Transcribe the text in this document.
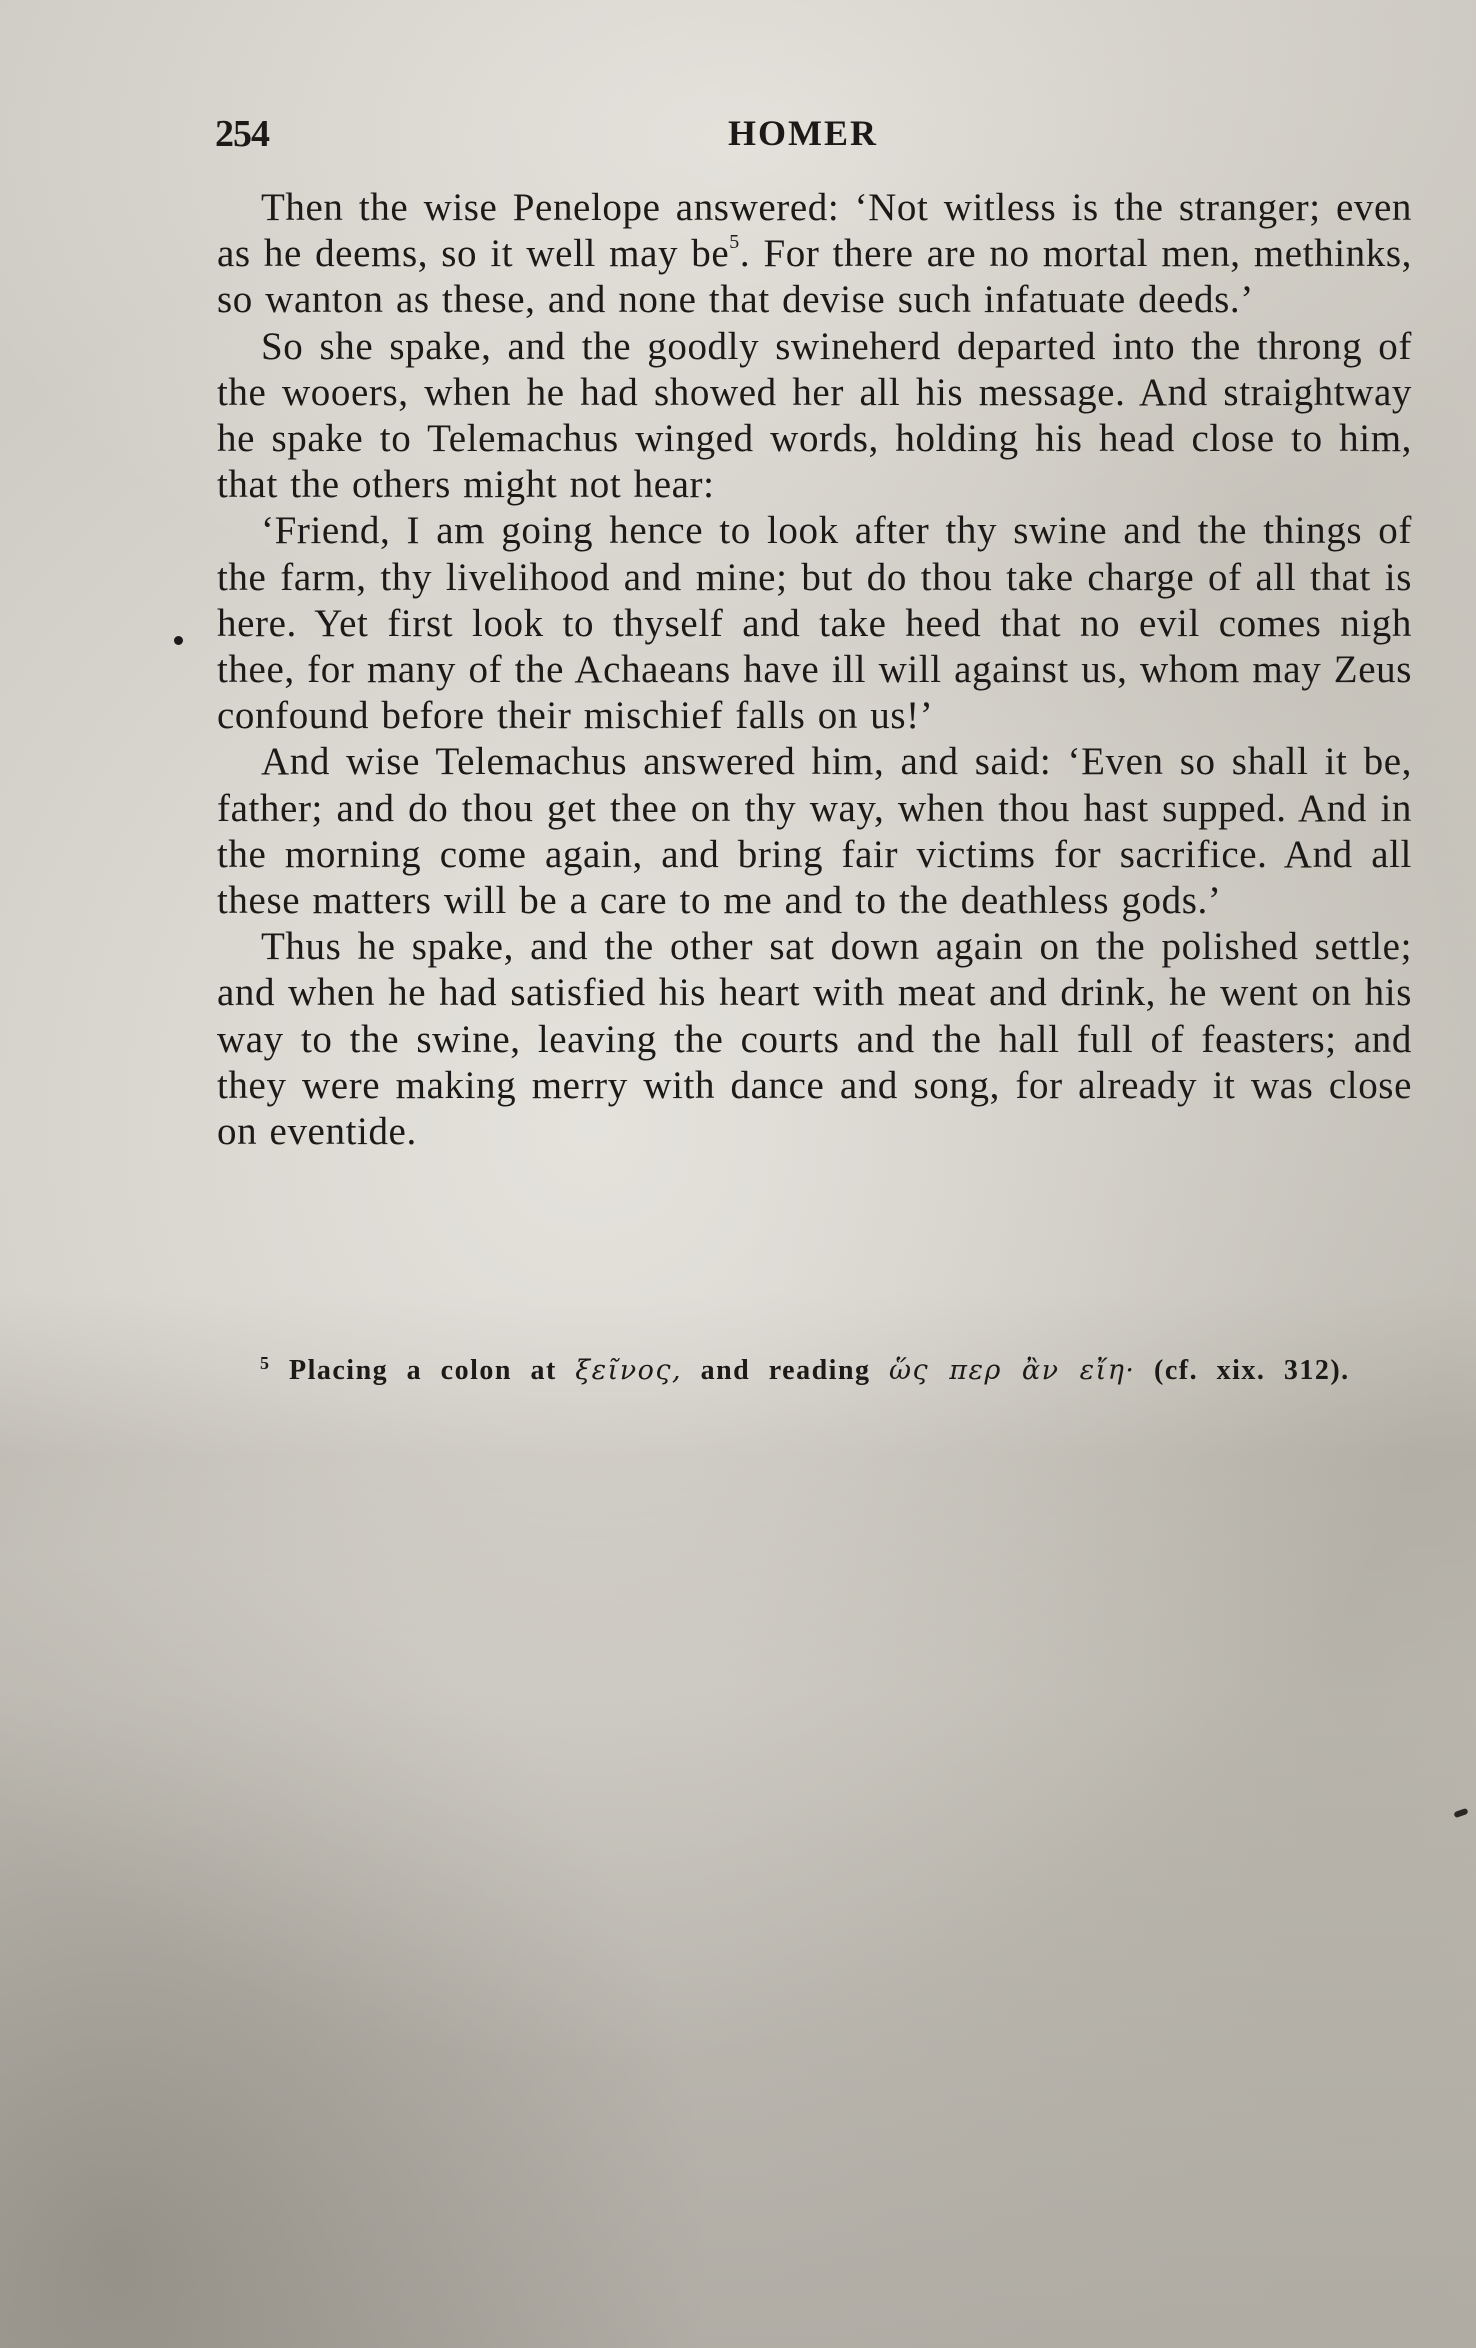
254	HOMER

Then the wise Penelope answered: ‘Not witless is the stranger; even as he deems, so it well may be$^5$. For there are no mortal men, methinks, so wanton as these, and none that devise such infatuate deeds.’

So she spake, and the goodly swineherd departed into the throng of the wooers, when he had showed her all his message. And straightway he spake to Telemachus winged words, holding his head close to him, that the others might not hear:

‘Friend, I am going hence to look after thy swine and the things of the farm, thy livelihood and mine; but do thou take charge of all that is here. Yet first look to thyself and take heed that no evil comes nigh thee, for many of the Achaeans have ill will against us, whom may Zeus confound before their mischief falls on us!’

And wise Telemachus answered him, and said: ‘Even so shall it be, father; and do thou get thee on thy way, when thou hast supped. And in the morning come again, and bring fair victims for sacrifice. And all these matters will be a care to me and to the deathless gods.’

Thus he spake, and the other sat down again on the polished settle; and when he had satisfied his heart with meat and drink, he went on his way to the swine, leaving the courts and the hall full of feasters; and they were making merry with dance and song, for already it was close on eventide.

$^5$ Placing a colon at ξεῖνος, and reading ὥς περ ἂν εἴη· (cf. xix. 312).
